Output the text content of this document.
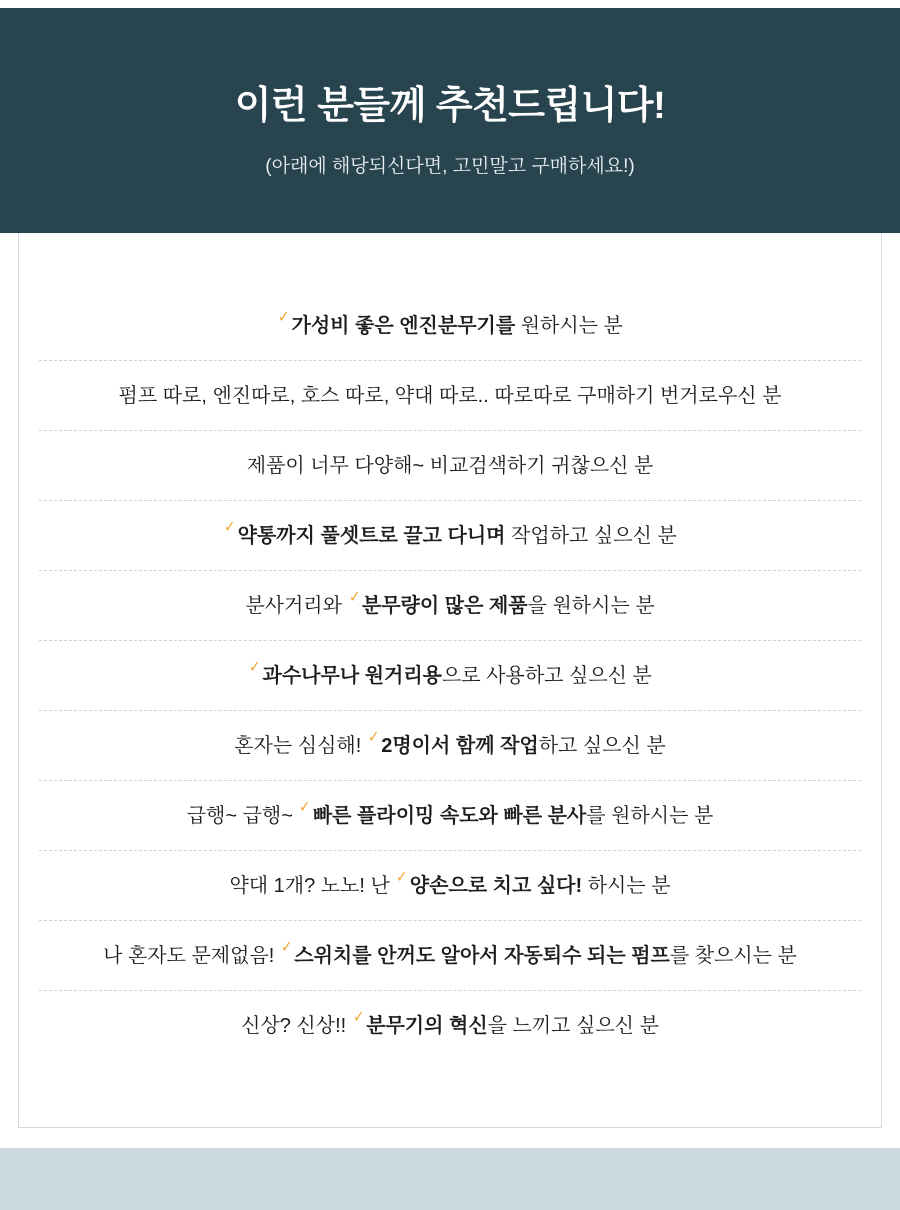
이런 분들께 추천드립니다!
(아래에 해당되신다면, 고민말고 구매하세요!)
✓ 가성비 좋은 엔진분무기를 원하시는 분
펌프 따로, 엔진따로, 호스 따로, 약대 따로.. 따로따로 구매하기 번거로우신 분
제품이 너무 다양해~ 비교검색하기 귀찮으신 분
✓ 약통까지 풀셋트로 끌고 다니며 작업하고 싶으신 분
분사거리와 ✓ 분무량이 많은 제품을 원하시는 분
✓ 과수나무나 원거리용으로 사용하고 싶으신 분
혼자는 심심해! ✓ 2명이서 함께 작업하고 싶으신 분
급행~ 급행~ ✓ 빠른 플라이밍 속도와 빠른 분사를 원하시는 분
약대 1개? 노노! 난 ✓ 양손으로 치고 싶다! 하시는 분
나 혼자도 문제없음! ✓ 스위치를 안꺼도 알아서 자동퇴수 되는 펌프를 찾으시는 분
신상? 신상!! ✓ 분무기의 혁신을 느끼고 싶으신 분
